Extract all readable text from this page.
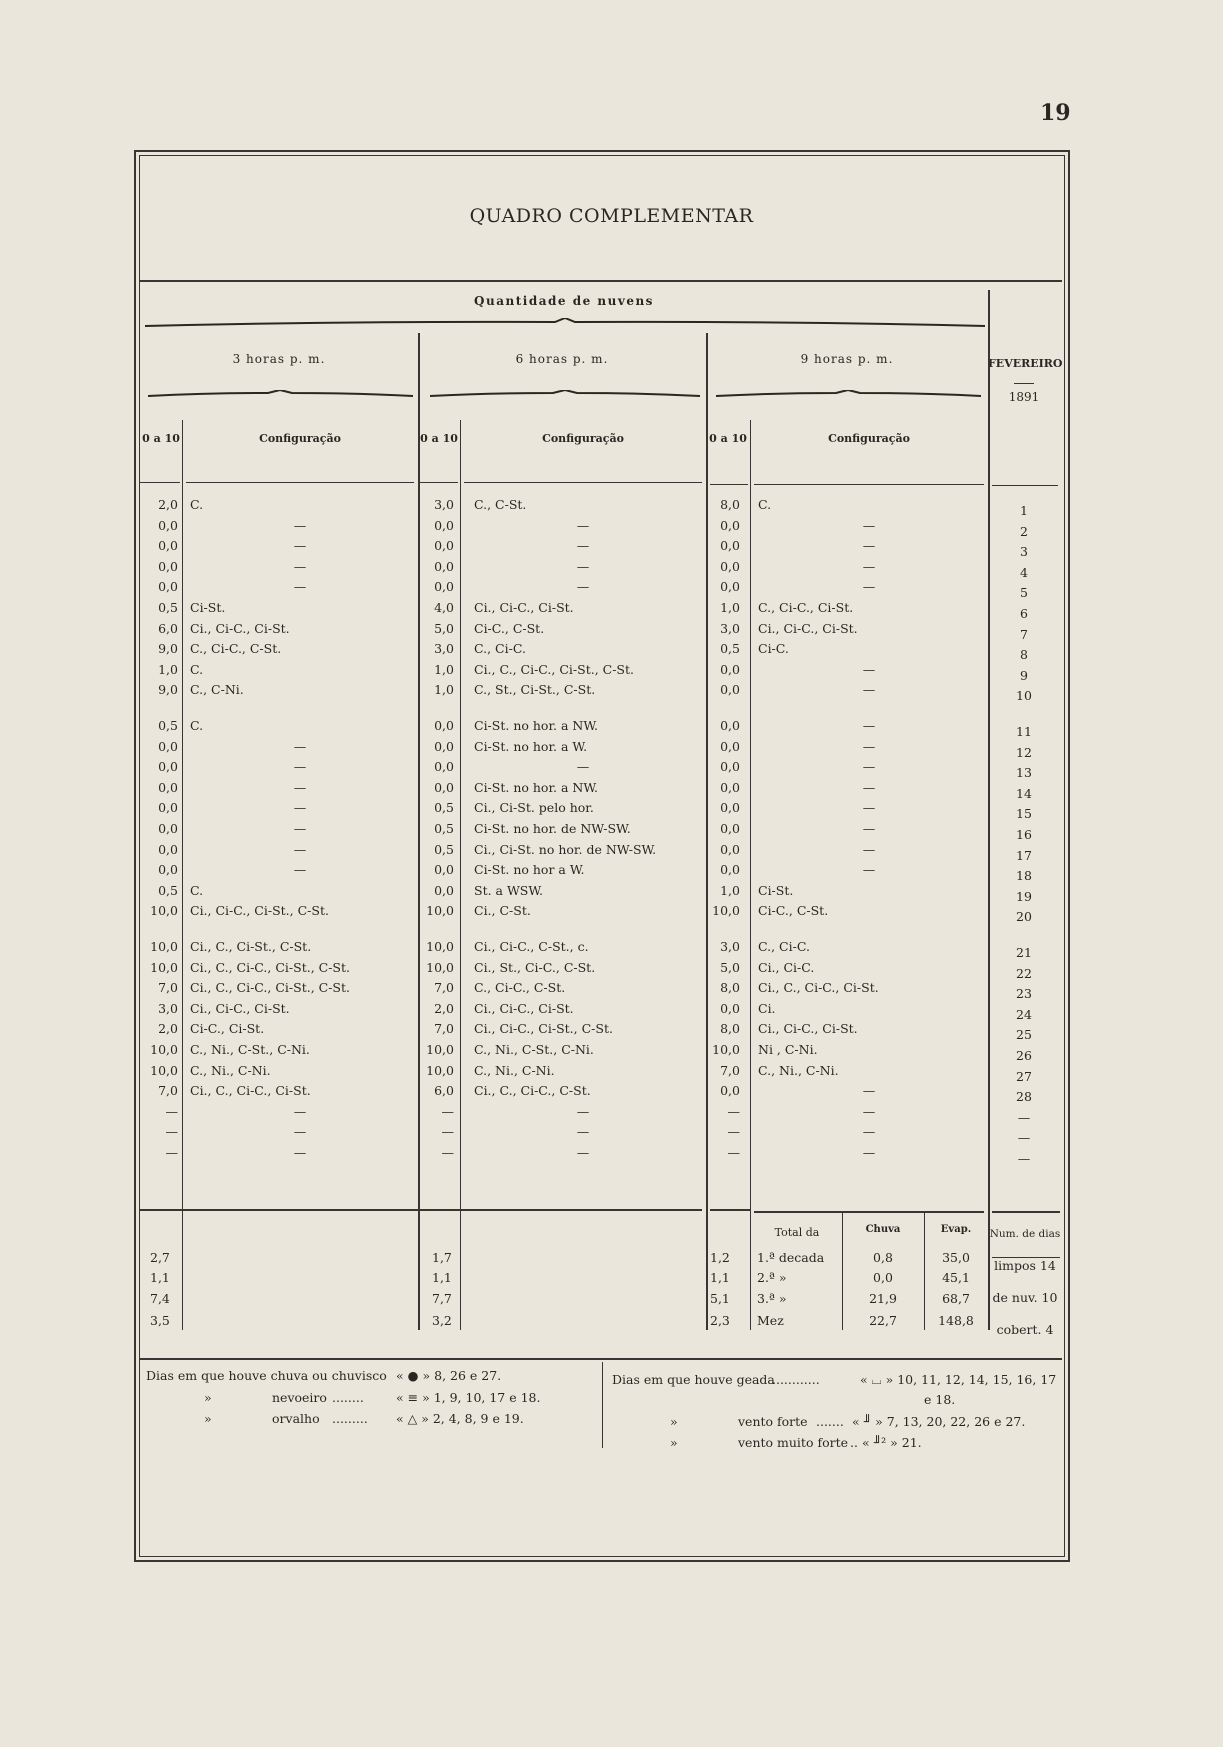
19
QUADRO COMPLEMENTAR
Quantidade de nuvens
3 horas p. m.	6 horas p. m.	9 horas p. m.	FEVEREIRO
1891
0 a 10	Configuração	0 a 10	Configuração	0 a 10	Configuração
2,0 C.	3,0 C., C-St.	8,0 C.	1
0,0	—	0,0	—	0,0	—	2
0,0	—	0,0	—	0,0	—	3
0,0	—	0,0	—	0,0	—	4
0,0	—	0,0	—	0,0	—	5
0,5 Ci-St.	4,0 Ci., Ci-C., Ci-St.	1,0 C., Ci-C., Ci-St.	6
6,0 Ci., Ci-C., Ci-St.	5,0 Ci-C., C-St.	3,0 Ci., Ci-C., Ci-St.	7
9,0 C., Ci-C., C-St.	3,0 C., Ci-C.	0,5 Ci-C.	8
1,0 C.	1,0 Ci., C., Ci-C., Ci-St., C-St.	0,0	—	9
9,0 C., C-Ni.	1,0 C., St., Ci-St., C-St.	0,0	—	10
0,5 C.	0,0 Ci-St. no hor. a NW.	0,0	—	11
0,0	—	0,0 Ci-St. no hor. a W.	0,0	—	12
0,0	—	0,0	—	0,0	—	13
0,0	—	0,0 Ci-St. no hor. a NW.	0,0	—	14
0,0	—	0,5 Ci., Ci-St. pelo hor.	0,0	—	15
0,0	—	0,5 Ci-St. no hor. de NW-SW.	0,0	—	16
0,0	—	0,5 Ci., Ci-St. no hor. de NW-SW.	0,0	—	17
0,0	—	0,0 Ci-St. no hor a W.	0,0	—	18
0,5 C.	0,0 St. a WSW.	1,0 Ci-St.	19
10,0 Ci., Ci-C., Ci-St., C-St.	10,0 Ci., C-St.	10,0 Ci-C., C-St.	20
10,0 Ci., C., Ci-St., C-St.	10,0 Ci., Ci-C., C-St., c.	3,0 C., Ci-C.	21
10,0 Ci., C., Ci-C., Ci-St., C-St.	10,0 Ci., St., Ci-C., C-St.	5,0 Ci., Ci-C.	22
7,0 Ci., C., Ci-C., Ci-St., C-St.	7,0 C., Ci-C., C-St.	8,0 Ci., C., Ci-C., Ci-St.	23
3,0 Ci., Ci-C., Ci-St.	2,0 Ci., Ci-C., Ci-St.	0,0 Ci.	24
2,0 Ci-C., Ci-St.	7,0 Ci., Ci-C., Ci-St., C-St.	8,0 Ci., Ci-C., Ci-St.	25
10,0 C., Ni., C-St., C-Ni.	10,0 C., Ni., C-St., C-Ni.	10,0 Ni , C-Ni.	26
10,0 C., Ni., C-Ni.	10,0 C., Ni., C-Ni.	7,0 C., Ni., C-Ni.	27
7,0 Ci., C., Ci-C., Ci-St.	6,0 Ci., C., Ci-C., C-St.	0,0	—	28
—	—	—	—	—	—	—
—	—	—	—	—	—	—
—	—	—	—	—	—	—
Total da	Chuva	Evap.	Num. de dias
2,7	1,7	1,2	1.ª decada	0,8	35,0
1,1	1,1	1,1	2.ª »	0,0	45,1
7,4	7,7	5,1	3.ª »	21,9	68,7
3,5	3,2	2,3	Mez	22,7	148,8
limpos 14
de nuv. 10
cobert. 4
Dias em que houve chuva ou chuvisco « ● » 8, 26 e 27.
»	nevoeiro ........	« ≡ » 1, 9, 10, 17 e 18.
»	orvalho ......... « △ » 2, 4, 8, 9 e 19.
Dias em que houve geada
............	« ⌴ » 10, 11, 12, 14, 15, 16, 17
e 18.
»	vento forte ....... « ╜ » 7, 13, 20, 22, 26 e 27.
»	vento muito forte .. « ╜² » 21.
